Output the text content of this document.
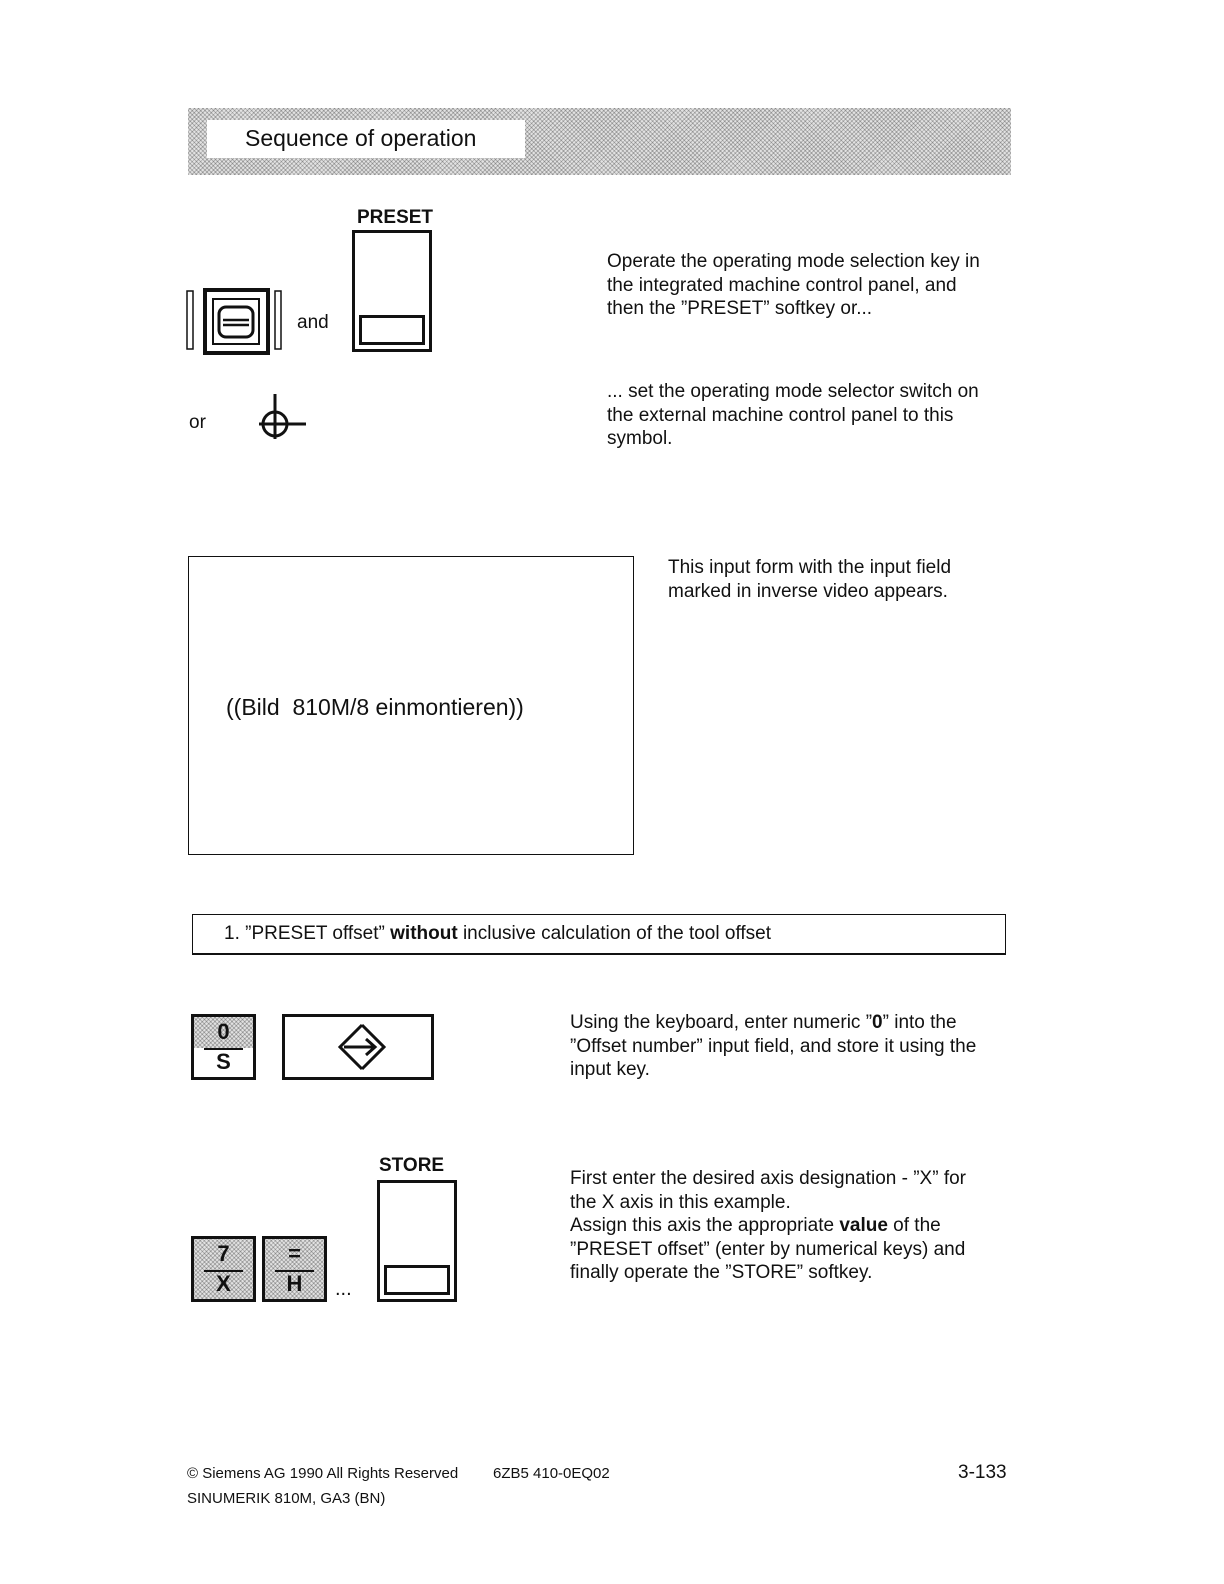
Sequence of operation
PRESET
and
Operate the operating mode selection key in
the integrated machine control panel, and
then the ”PRESET” softkey or...
or
... set the operating mode selector switch on
the external machine control panel to this
symbol.
((Bild  810M/8 einmontieren))
This input form with the input field
marked in inverse video appears.
1. ”PRESET offset” without inclusive calculation of the tool offset
0
S
Using the keyboard, enter numeric ”0” into the
”Offset number” input field, and store it using the
input key.
STORE
7
X
=
H	...
First enter the desired axis designation - ”X” for
the X axis in this example.
Assign this axis the appropriate value of the
”PRESET offset” (enter by numerical keys) and
finally operate the ”STORE” softkey.
© Siemens AG 1990 All Rights Reserved 6ZB5 410-0EQ02	3-133
SINUMERIK 810M, GA3 (BN)
